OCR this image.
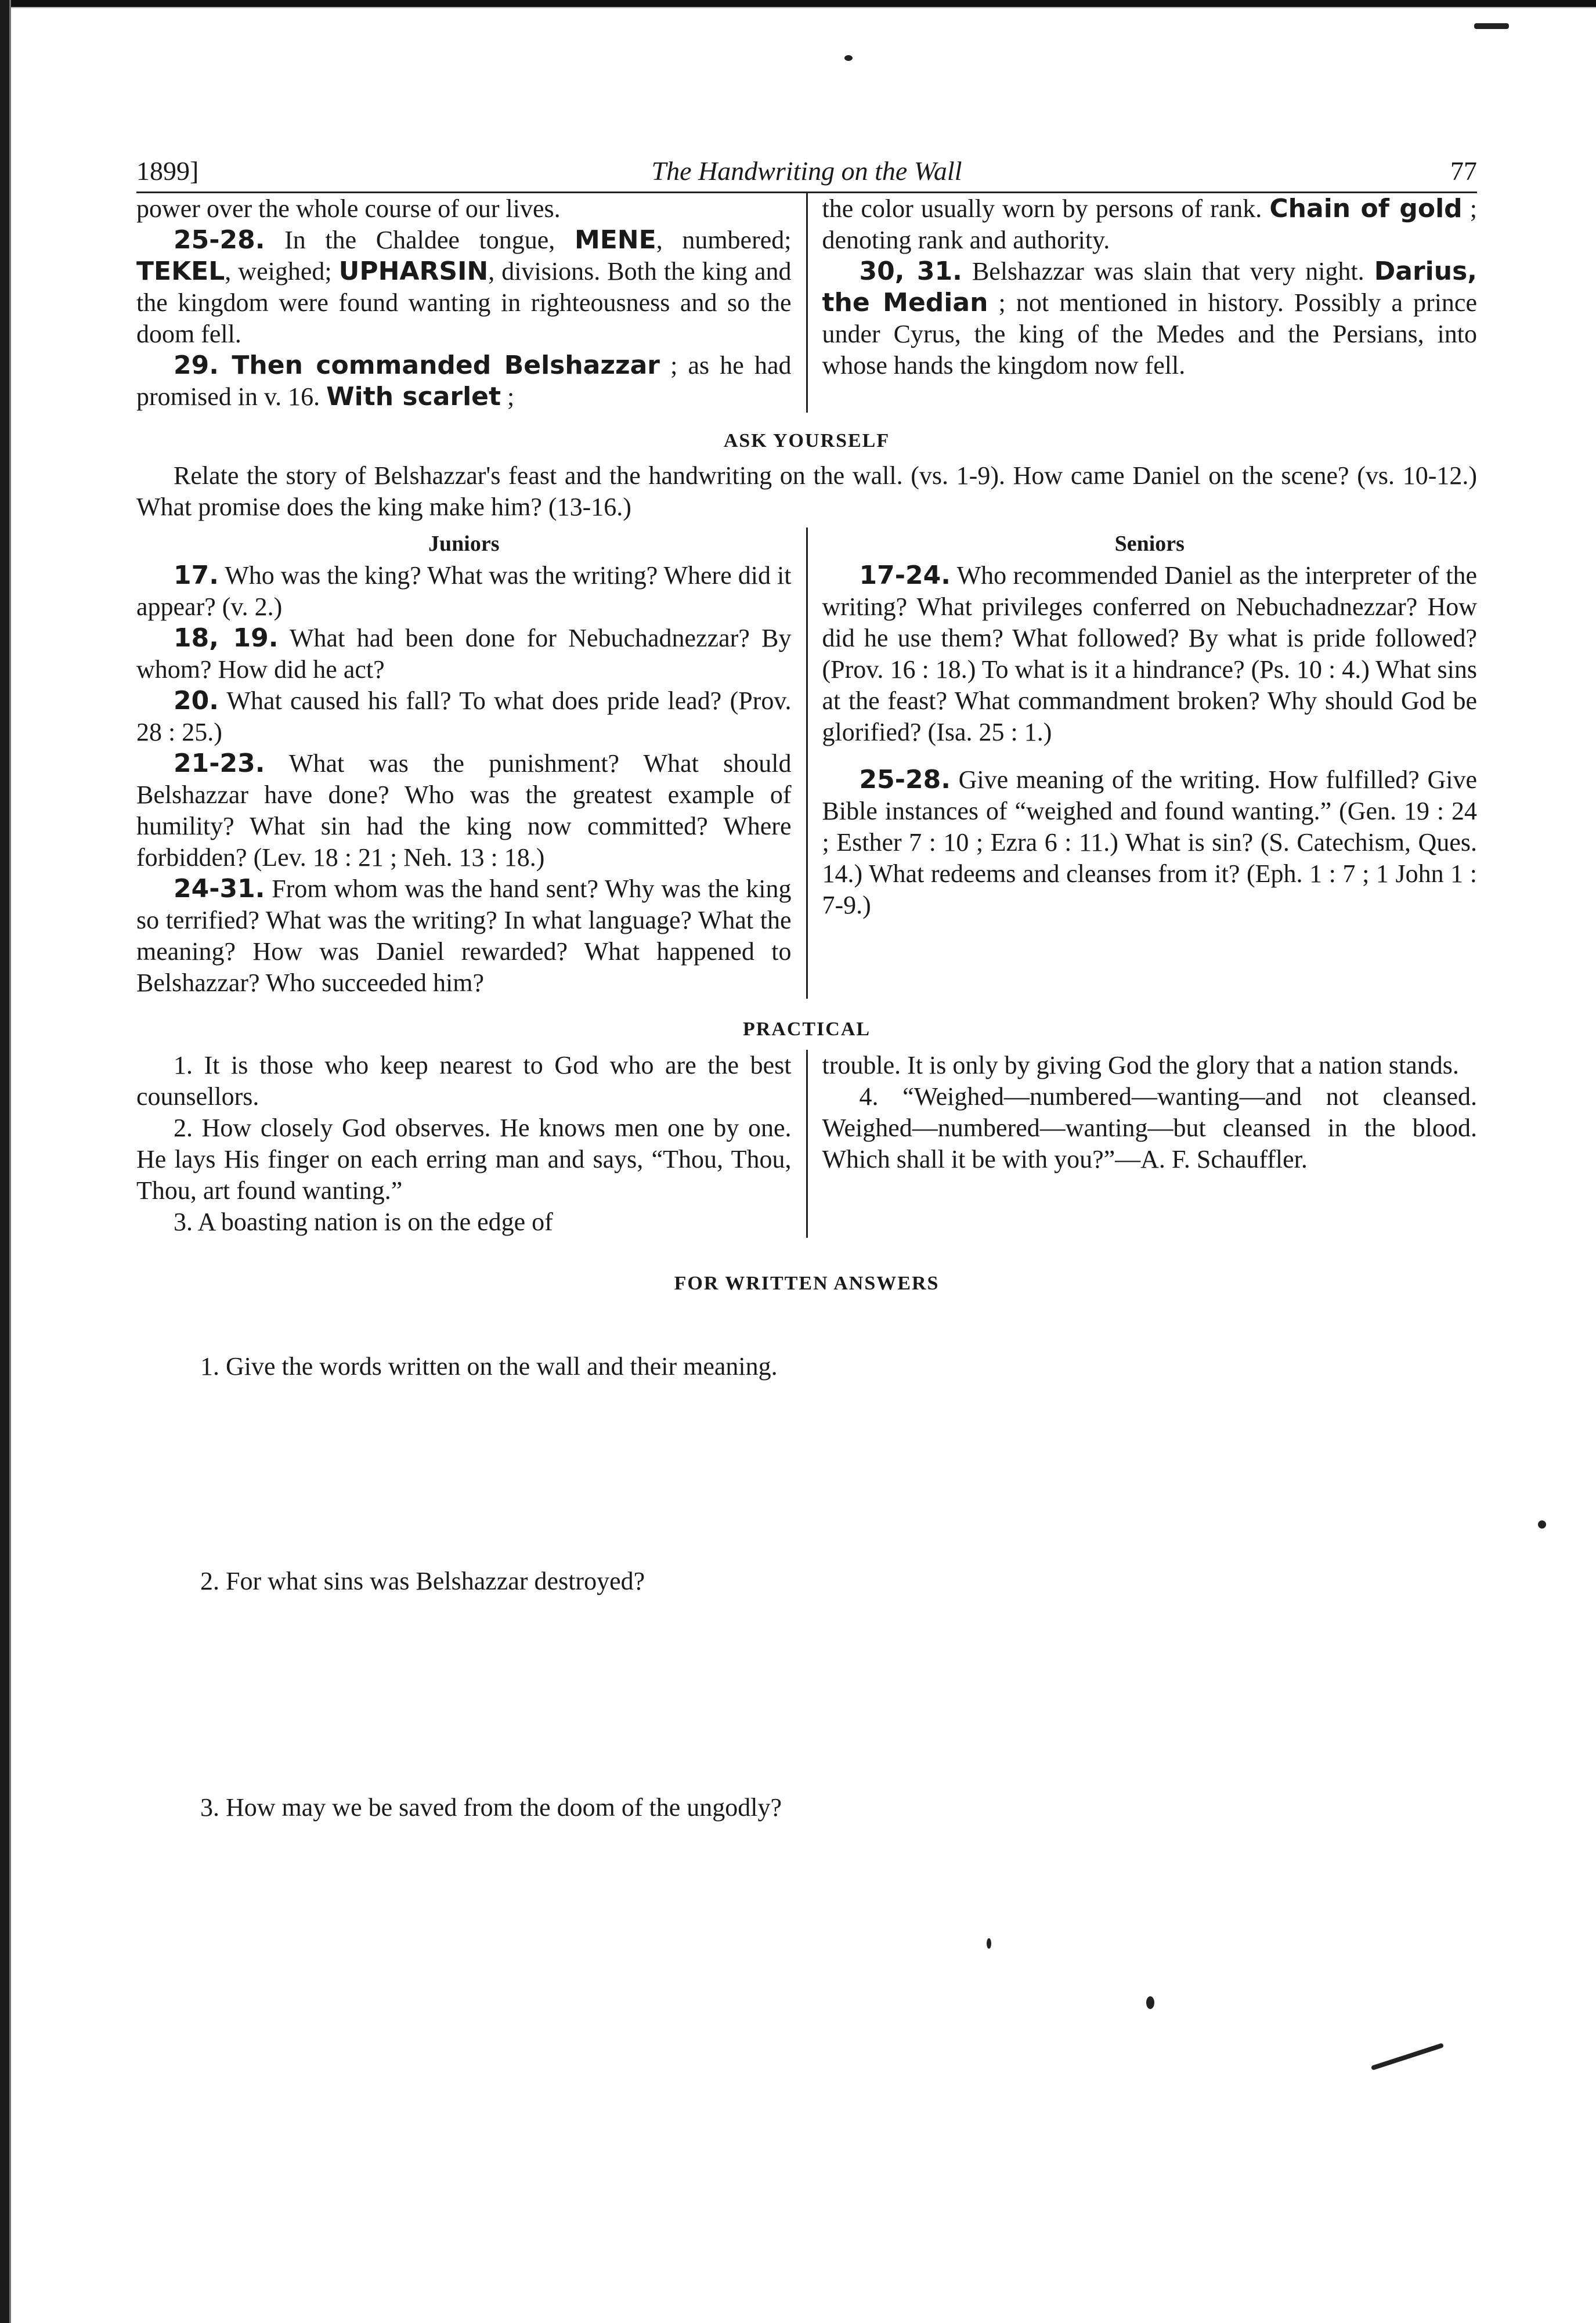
1899]	The Handwriting on the Wall	77

power over the whole course of our lives.

25-28. In the Chaldee tongue, MENE, numbered; TEKEL, weighed; UPHARSIN, divisions. Both the king and the kingdom were found wanting in righteousness and so the doom fell.

29. Then commanded Belshazzar ; as he had promised in v. 16. With scarlet ;

the color usually worn by persons of rank. Chain of gold ; denoting rank and authority.

30, 31. Belshazzar was slain that very night. Darius, the Median ; not mentioned in history. Possibly a prince under Cyrus, the king of the Medes and the Persians, into whose hands the kingdom now fell.

ASK YOURSELF

Relate the story of Belshazzar's feast and the handwriting on the wall. (vs. 1-9). How came Daniel on the scene? (vs. 10-12.) What promise does the king make him? (13-16.)

Juniors

17. Who was the king? What was the writing? Where did it appear? (v. 2.)

18, 19. What had been done for Nebuchadnezzar? By whom? How did he act?

20. What caused his fall? To what does pride lead? (Prov. 28 : 25.)

21-23. What was the punishment? What should Belshazzar have done? Who was the greatest example of humility? What sin had the king now committed? Where forbidden? (Lev. 18 : 21 ; Neh. 13 : 18.)

24-31. From whom was the hand sent? Why was the king so terrified? What was the writing? In what language? What the meaning? How was Daniel rewarded? What happened to Belshazzar? Who succeeded him?

Seniors

17-24. Who recommended Daniel as the interpreter of the writing? What privileges conferred on Nebuchadnezzar? How did he use them? What followed? By what is pride followed? (Prov. 16 : 18.) To what is it a hindrance? (Ps. 10 : 4.) What sins at the feast? What commandment broken? Why should God be glorified? (Isa. 25 : 1.)

25-28. Give meaning of the writing. How fulfilled? Give Bible instances of “weighed and found wanting.” (Gen. 19 : 24 ; Esther 7 : 10 ; Ezra 6 : 11.) What is sin? (S. Catechism, Ques. 14.) What redeems and cleanses from it? (Eph. 1 : 7 ; 1 John 1 : 7-9.)

PRACTICAL

1. It is those who keep nearest to God who are the best counsellors.

2. How closely God observes. He knows men one by one. He lays His finger on each erring man and says, “Thou, Thou, Thou, art found wanting.”

3. A boasting nation is on the edge of

trouble. It is only by giving God the glory that a nation stands.

4. “Weighed—numbered—wanting—and not cleansed. Weighed—numbered—wanting—but cleansed in the blood. Which shall it be with you?”—A. F. Schauffler.

FOR WRITTEN ANSWERS

1. Give the words written on the wall and their meaning.

2. For what sins was Belshazzar destroyed?

3. How may we be saved from the doom of the ungodly?
